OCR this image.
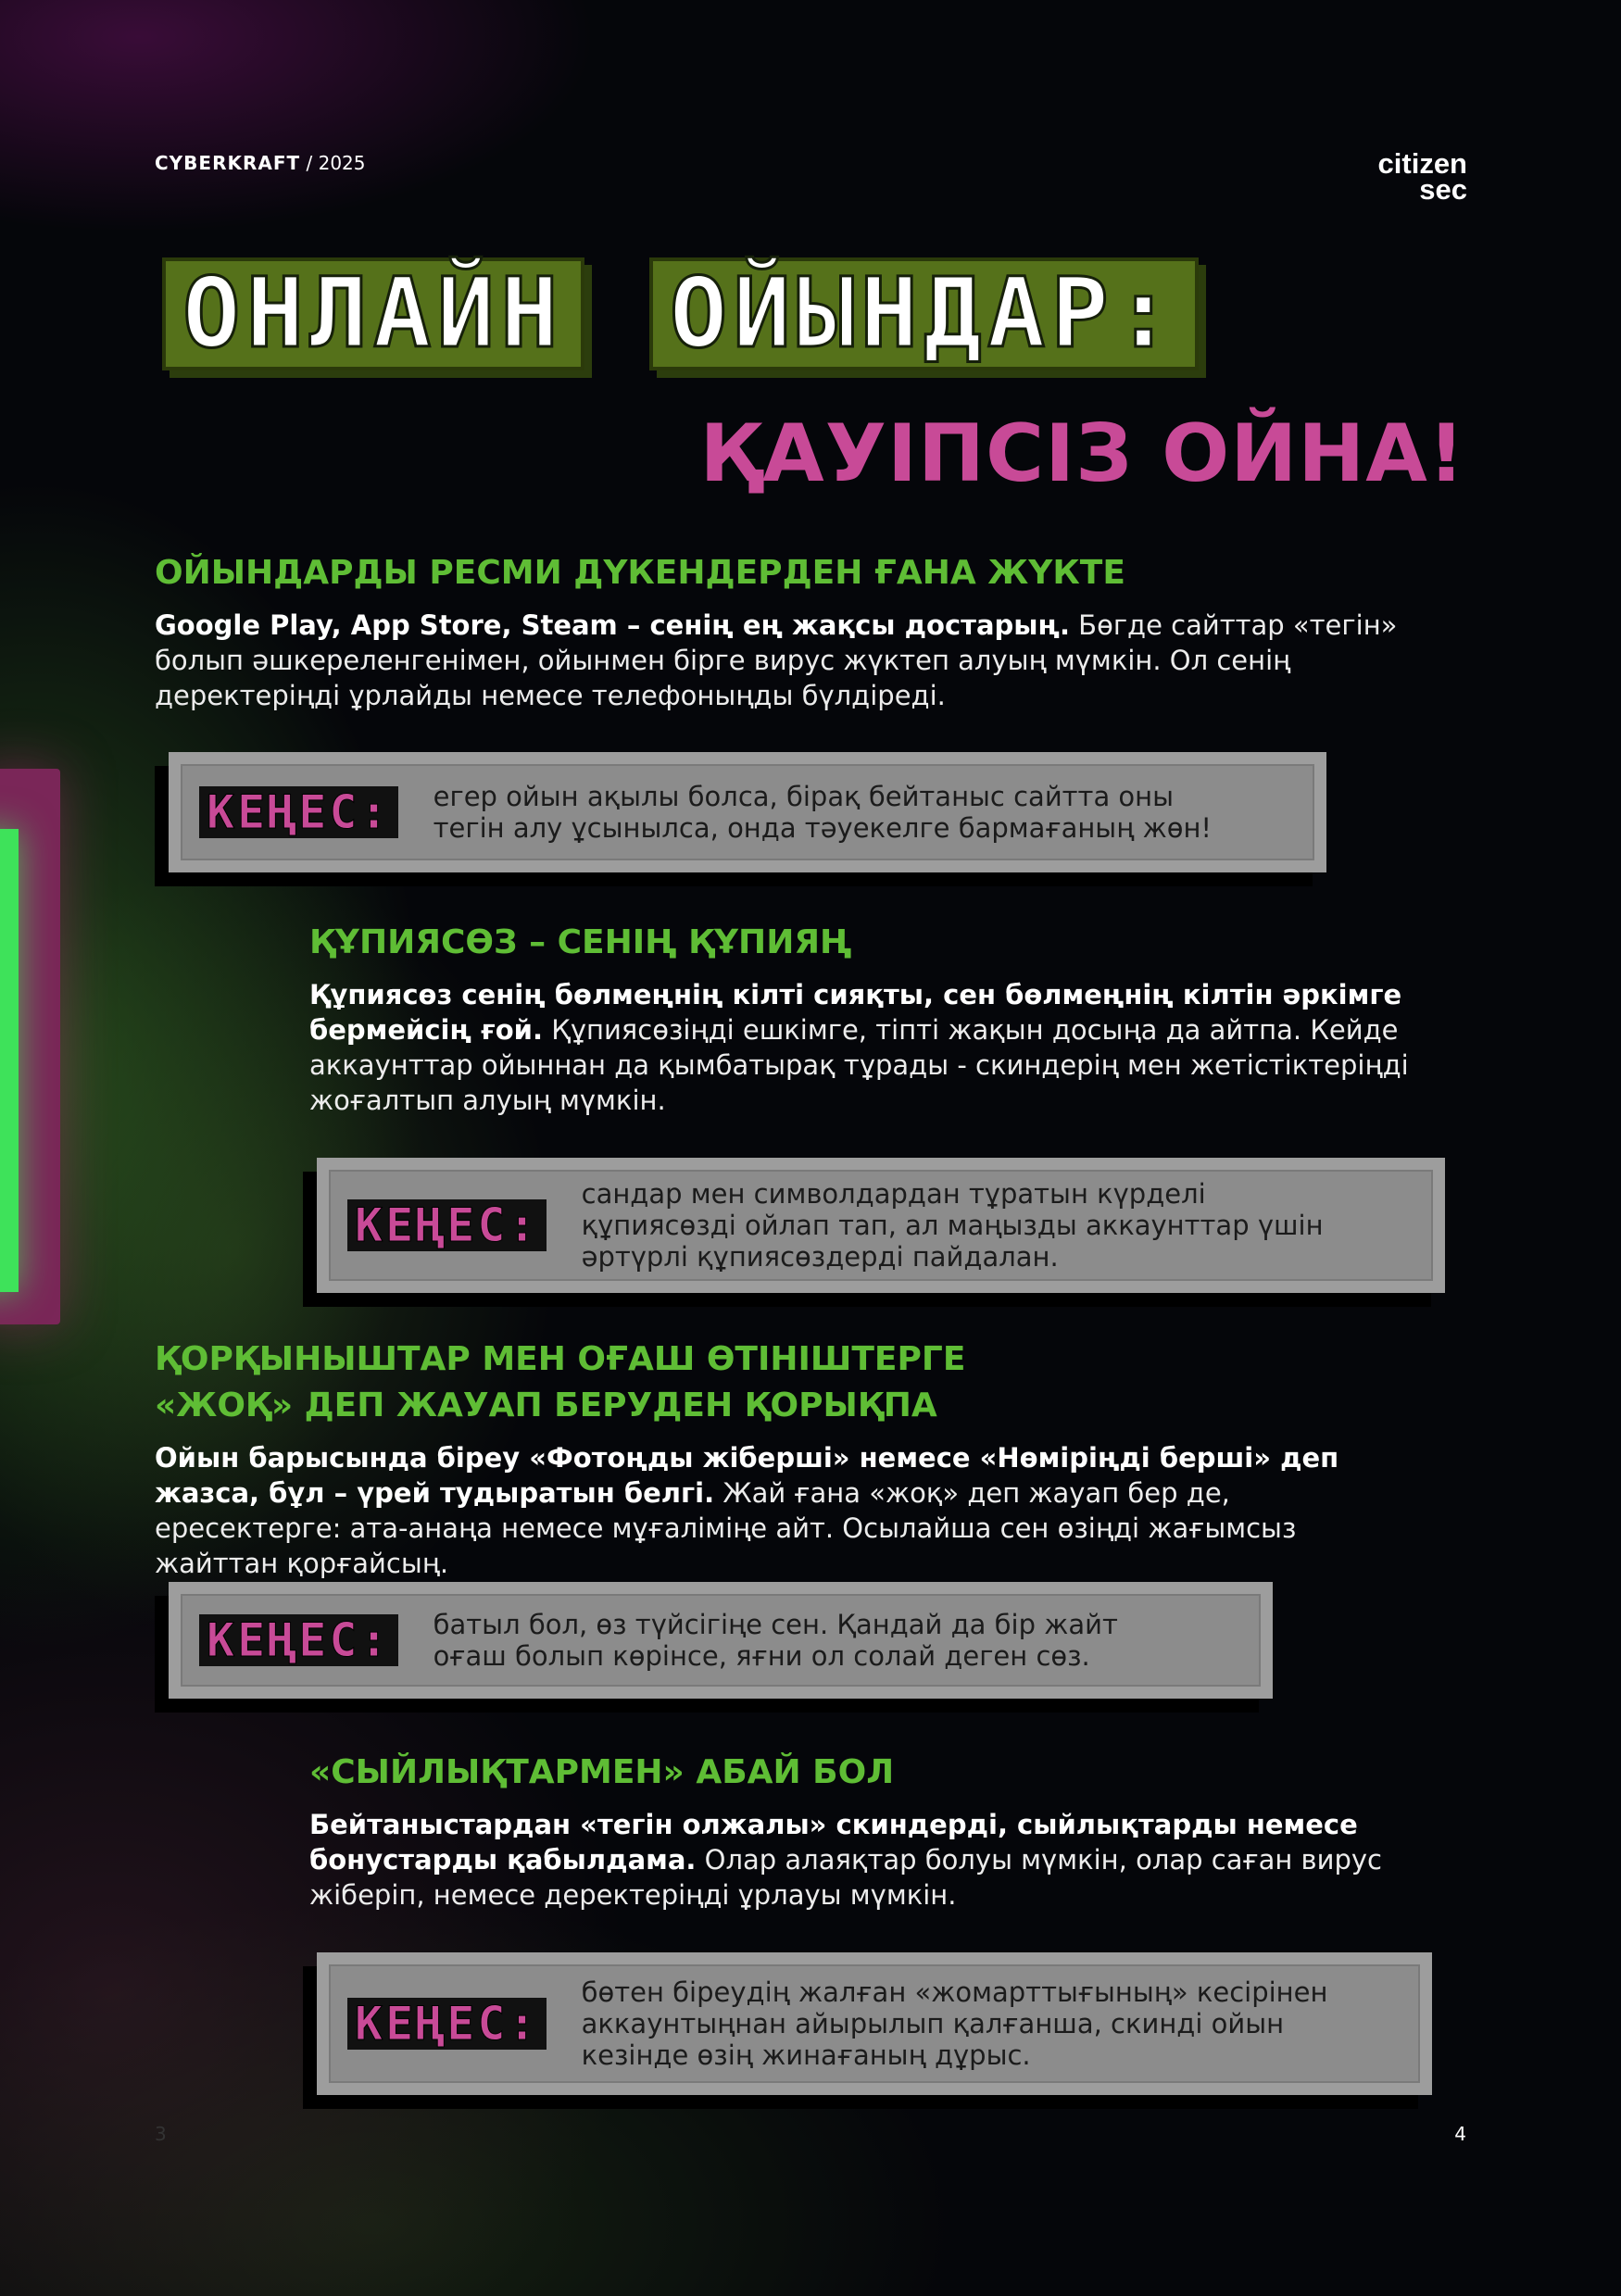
CYBERKRAFT / 2025	citizen
sec
ОНЛАЙН ОЙЫНДАР:
ҚАУІПСІЗ ОЙНА!
ОЙЫНДАРДЫ РЕСМИ ДҮКЕНДЕРДЕН ҒАНА ЖҮКТЕ

Google Play, App Store, Steam – сенің ең жақсы достарың. Бөгде сайттар «тегін» болып әшкереленгенімен, ойынмен бірге вирус жүктеп алуың мүмкін. Ол сенің деректеріңді ұрлайды немесе телефоныңды бүлдіреді.

КЕҢЕС: егер ойын ақылы болса, бірақ бейтаныс сайтта оны тегін алу ұсынылса, онда тәуекелге бармағаның жөн!
ҚҰПИЯСӨЗ – СЕНІҢ ҚҰПИЯҢ

Құпиясөз сенің бөлмеңнің кілті сияқты, сен бөлмеңнің кілтін әркімге бермейсің ғой. Құпиясөзіңді ешкімге, тіпті жақын досыңа да айтпа. Кейде аккаунттар ойыннан да қымбатырақ тұрады - скиндерің мен жетістіктеріңді жоғалтып алуың мүмкін.

КЕҢЕС:
сандар мен символдардан тұратын күрделі құпиясөзді ойлап тап, ал маңызды аккаунттар үшін әртүрлі құпиясөздерді пайдалан.
ҚОРҚЫНЫШТАР МЕН ОҒАШ ӨТІНІШТЕРГЕ
«ЖОҚ» ДЕП ЖАУАП БЕРУДЕН ҚОРЫҚПА

Ойын барысында біреу «Фотоңды жіберші» немесе «Нөміріңді берші» деп жазса, бұл – үрей тудыратын белгі. Жай ғана «жоқ» деп жауап бер де, ересектерге: ата-анаңа немесе мұғаліміңе айт. Осылайша сен өзіңді жағымсыз жайттан қорғайсың.

КЕҢЕС: батыл бол, өз түйсігіңе сен. Қандай да бір жайт оғаш болып көрінсе, яғни ол солай деген сөз.
«СЫЙЛЫҚТАРМЕН» АБАЙ БОЛ

Бейтаныстардан «тегін олжалы» скиндерді, сыйлықтарды немесе бонустарды қабылдама. Олар алаяқтар болуы мүмкін, олар саған вирус жіберіп, немесе деректеріңді ұрлауы мүмкін.

КЕҢЕС:
бөтен біреудің жалған «жомарттығының» кесірінен аккаунтыңнан айырылып қалғанша, скинді ойын кезінде өзің жинағаның дұрыс.
3	4
